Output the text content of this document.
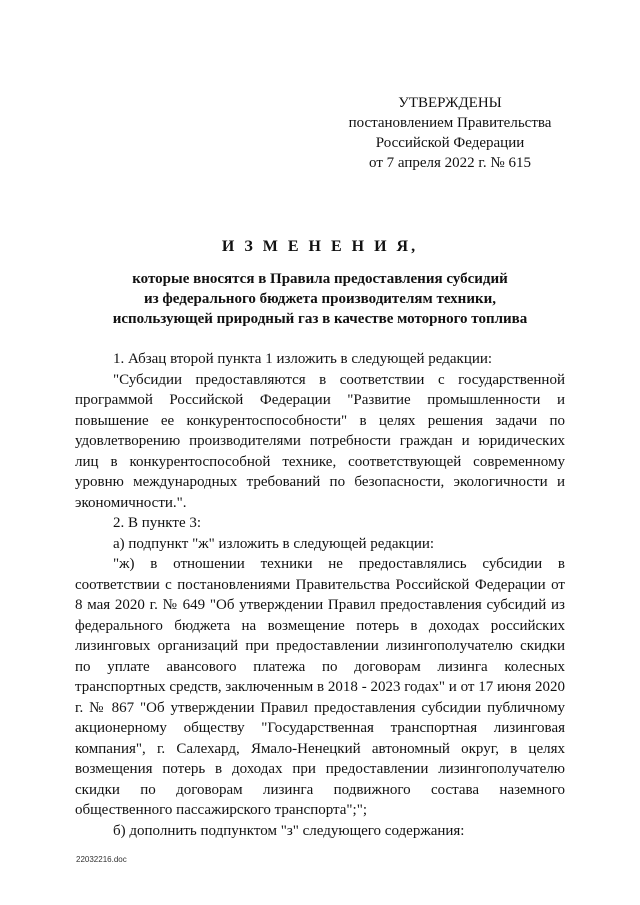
УТВЕРЖДЕНЫ
постановлением Правительства
Российской Федерации
от 7 апреля 2022 г. № 615
И З М Е Н Е Н И Я,
которые вносятся в Правила предоставления субсидий
из федерального бюджета производителям техники,
использующей природный газ в качестве моторного топлива

1. Абзац второй пункта 1 изложить в следующей редакции:

"Субсидии предоставляются в соответствии с государственной программой Российской Федерации "Развитие промышленности и повышение ее конкурентоспособности" в целях решения задачи по удовлетворению производителями потребности граждан и юридических лиц в конкурентоспособной технике, соответствующей современному уровню международных требований по безопасности, экологичности и экономичности.".

2. В пункте 3:

а) подпункт "ж" изложить в следующей редакции:

"ж) в отношении техники не предоставлялись субсидии в соответствии с постановлениями Правительства Российской Федерации от 8 мая 2020 г. № 649 "Об утверждении Правил предоставления субсидий из федерального бюджета на возмещение потерь в доходах российских лизинговых организаций при предоставлении лизингополучателю скидки по уплате авансового платежа по договорам лизинга колесных транспортных средств, заключенным в 2018 - 2023 годах" и от 17 июня 2020 г. № 867 "Об утверждении Правил предоставления субсидии публичному акционерному обществу "Государственная транспортная лизинговая компания", г. Салехард, Ямало-Ненецкий автономный округ, в целях возмещения потерь в доходах при предоставлении лизингополучателю скидки по договорам лизинга подвижного состава наземного общественного пассажирского транспорта";";

б) дополнить подпунктом "з" следующего содержания:

22032216.doc
